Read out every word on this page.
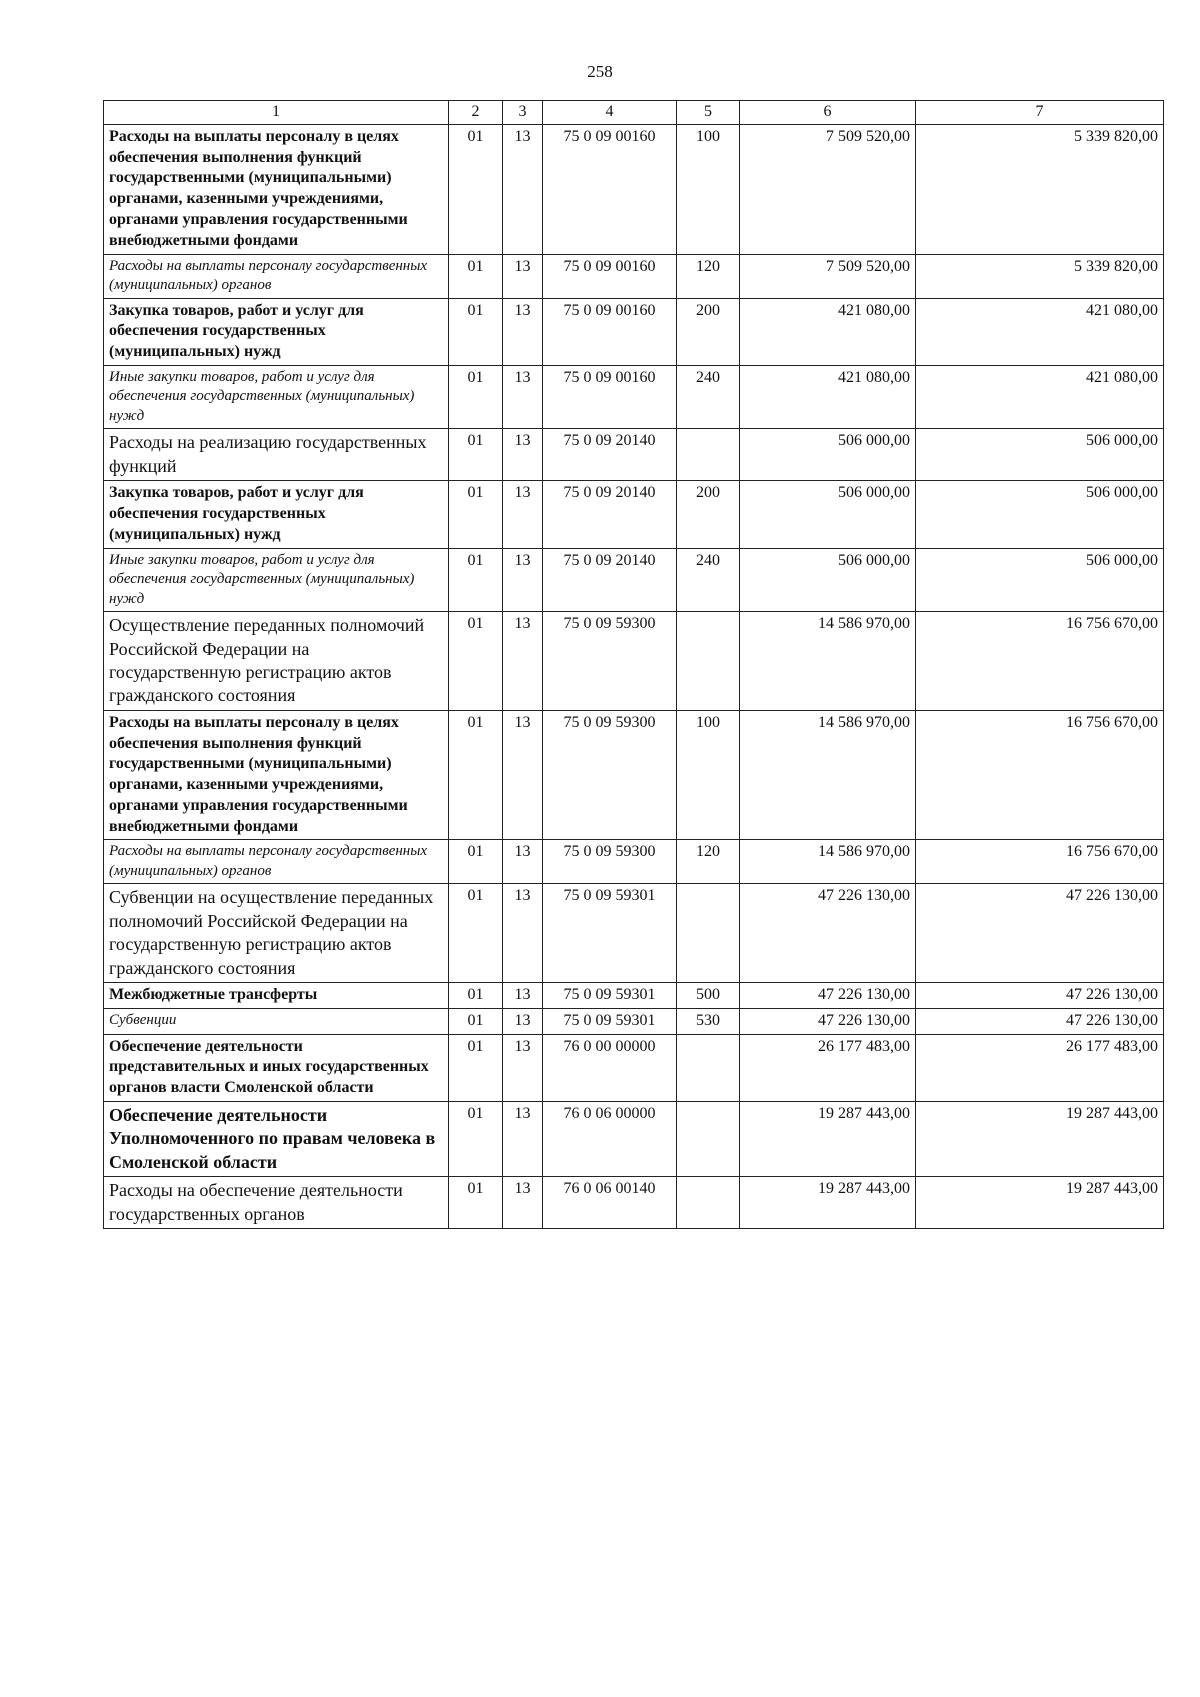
258
1	2	3	4	5	6	7
Расходы на выплаты персоналу в целях обеспечения выполнения функций государственными (муниципальными) органами, казенными учреждениями, органами управления государственными внебюджетными фондами	01	13	75 0 09 00160	100	7 509 520,00	5 339 820,00
Расходы на выплаты персоналу государственных (муниципальных) органов	01	13	75 0 09 00160	120	7 509 520,00	5 339 820,00
Закупка товаров, работ и услуг для обеспечения государственных (муниципальных) нужд	01	13	75 0 09 00160	200	421 080,00	421 080,00
Иные закупки товаров, работ и услуг для обеспечения государственных (муниципальных) нужд	01	13	75 0 09 00160	240	421 080,00	421 080,00
Расходы на реализацию государственных функций	01	13	75 0 09 20140		506 000,00	506 000,00
Закупка товаров, работ и услуг для обеспечения государственных (муниципальных) нужд	01	13	75 0 09 20140	200	506 000,00	506 000,00
Иные закупки товаров, работ и услуг для обеспечения государственных (муниципальных) нужд	01	13	75 0 09 20140	240	506 000,00	506 000,00
Осуществление переданных полномочий Российской Федерации на государственную регистрацию актов гражданского состояния	01	13	75 0 09 59300		14 586 970,00	16 756 670,00
Расходы на выплаты персоналу в целях обеспечения выполнения функций государственными (муниципальными) органами, казенными учреждениями, органами управления государственными внебюджетными фондами	01	13	75 0 09 59300	100	14 586 970,00	16 756 670,00
Расходы на выплаты персоналу государственных (муниципальных) органов	01	13	75 0 09 59300	120	14 586 970,00	16 756 670,00
Субвенции на осуществление переданных полномочий Российской Федерации на государственную регистрацию актов гражданского состояния	01	13	75 0 09 59301		47 226 130,00	47 226 130,00
Межбюджетные трансферты	01	13	75 0 09 59301	500	47 226 130,00	47 226 130,00
Субвенции	01	13	75 0 09 59301	530	47 226 130,00	47 226 130,00
Обеспечение деятельности представительных и иных государственных органов власти Смоленской области	01	13	76 0 00 00000		26 177 483,00	26 177 483,00
Обеспечение деятельности Уполномоченного по правам человека в Смоленской области	01	13	76 0 06 00000		19 287 443,00	19 287 443,00
Расходы на обеспечение деятельности государственных органов	01	13	76 0 06 00140		19 287 443,00	19 287 443,00
